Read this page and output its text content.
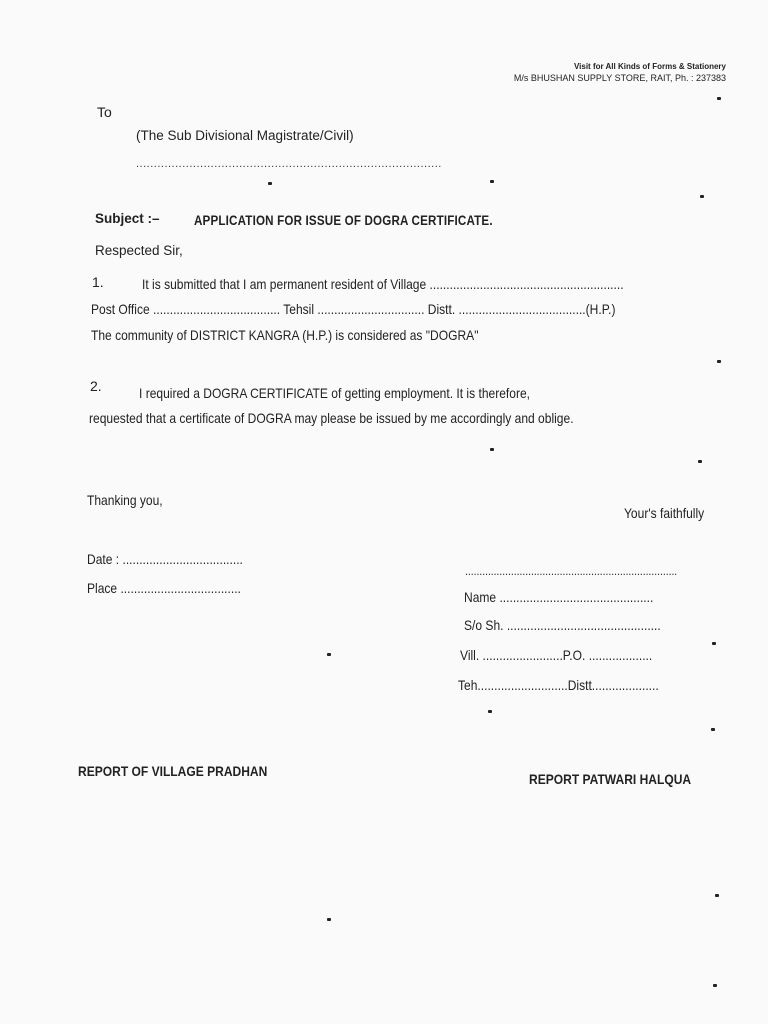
Visit for All Kinds of Forms & Stationery
M/s BHUSHAN SUPPLY STORE, RAIT, Ph. : 237383
To
(The Sub Divisional Magistrate/Civil)
......................................................................................
Subject :–	APPLICATION FOR ISSUE OF DOGRA CERTIFICATE.
Respected Sir,
1.	It is submitted that I am permanent resident of Village ..........................................................
Post Office ...................................... Tehsil ................................ Distt. ......................................(H.P.)
The community of DISTRICT KANGRA (H.P.) is considered as "DOGRA"
2.	I required a DOGRA CERTIFICATE of getting employment. It is therefore,
requested that a certificate of DOGRA may please be issued by me accordingly and oblige.
Thanking you,
Your's faithfully
Date : ....................................
Place ....................................
..........................................................................
Name ..............................................
S/o Sh. ..............................................
Vill. ........................P.O. ...................
Teh...........................Distt....................
REPORT OF VILLAGE PRADHAN	REPORT PATWARI HALQUA
